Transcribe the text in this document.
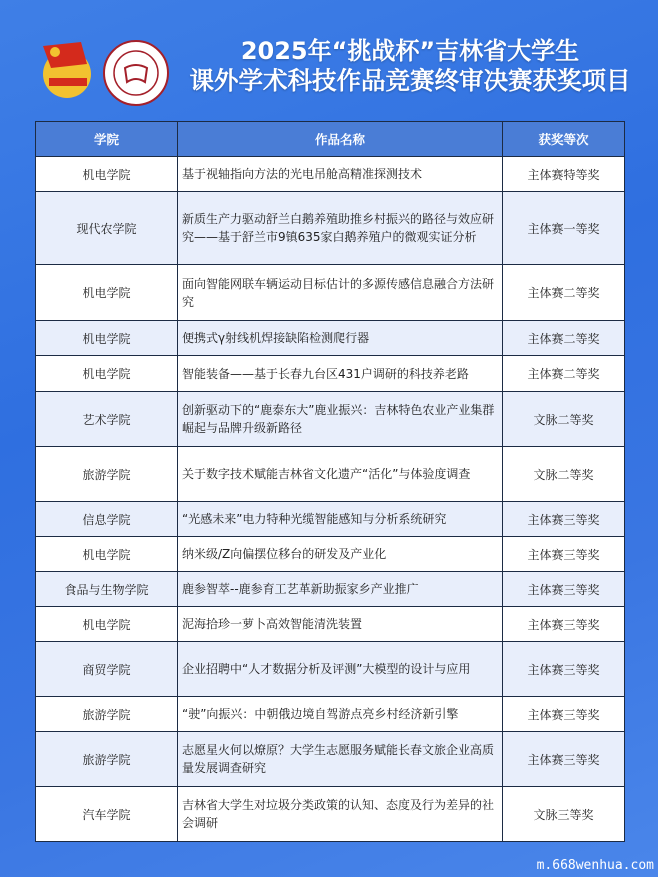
2025年“挑战杯”吉林省大学生
课外学术科技作品竞赛终审决赛获奖项目
学院	作品名称	获奖等次
机电学院	基于视轴指向方法的光电吊舱高精准探测技术	主体赛特等奖
现代农学院	新质生产力驱动舒兰白鹅养殖助推乡村振兴的路径与效应研究——基于舒兰市9镇635家白鹅养殖户的微观实证分析	主体赛一等奖
机电学院	面向智能网联车辆运动目标估计的多源传感信息融合方法研究	主体赛二等奖
机电学院	便携式γ射线机焊接缺陷检测爬行器	主体赛二等奖
机电学院	智能装备——基于长春九台区431户调研的科技养老路	主体赛二等奖
艺术学院	创新驱动下的“鹿泰东大”鹿业振兴：吉林特色农业产业集群崛起与品牌升级新路径	文脉二等奖
旅游学院	关于数字技术赋能吉林省文化遗产“活化”与体验度调查	文脉二等奖
信息学院	“光感未来”电力特种光缆智能感知与分析系统研究	主体赛三等奖
机电学院	纳米级/Z向偏摆位移台的研发及产业化	主体赛三等奖
食品与生物学院	鹿参智萃--鹿参育工艺革新助振家乡产业推广	主体赛三等奖
机电学院	泥海拾珍一萝卜高效智能清洗装置	主体赛三等奖
商贸学院	企业招聘中“人才数据分析及评测”大模型的设计与应用	主体赛三等奖
旅游学院	“驶”向振兴：中朝俄边境自驾游点亮乡村经济新引擎	主体赛三等奖
旅游学院	志愿星火何以燎原？大学生志愿服务赋能长春文旅企业高质量发展调查研究	主体赛三等奖
汽车学院	吉林省大学生对垃圾分类政策的认知、态度及行为差异的社会调研	文脉三等奖
m.668wenhua.com
